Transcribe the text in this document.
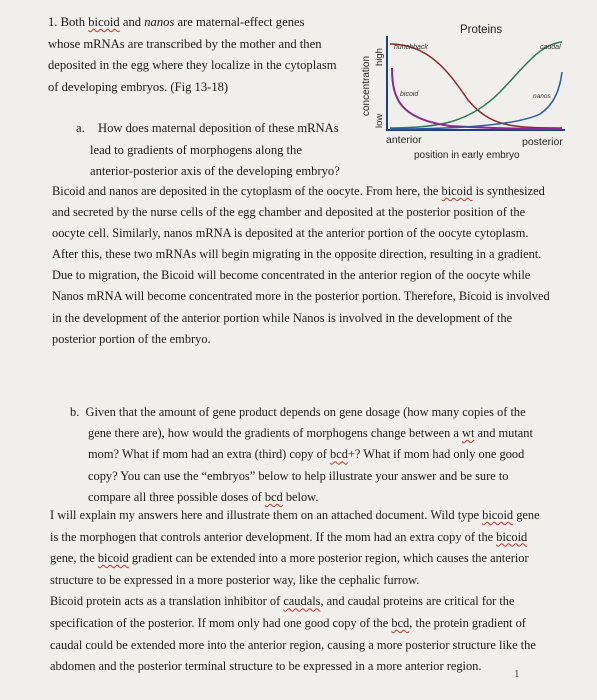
1. Both bicoid and nanos are maternal-effect genes

whose mRNAs are transcribed by the mother and then

deposited in the egg where they localize in the cytoplasm

of developing embryos. (Fig 13-18)

Proteins
high
concentration
low
hunchback	caudal
bicoid	nanos
anterior	posterior
position in early embryo

a. How does maternal deposition of these mRNAs

lead to gradients of morphogens along the

anterior-posterior axis of the developing embryo?

Bicoid and nanos are deposited in the cytoplasm of the oocyte. From here, the bicoid is synthesized

and secreted by the nurse cells of the egg chamber and deposited at the posterior position of the

oocyte cell. Similarly, nanos mRNA is deposited at the anterior portion of the oocyte cytoplasm.

After this, these two mRNAs will begin migrating in the opposite direction, resulting in a gradient.

Due to migration, the Bicoid will become concentrated in the anterior region of the oocyte while

Nanos mRNA will become concentrated more in the posterior portion. Therefore, Bicoid is involved

in the development of the anterior portion while Nanos is involved in the development of the

posterior portion of the embryo.

b. Given that the amount of gene product depends on gene dosage (how many copies of the

gene there are), how would the gradients of morphogens change between a wt and mutant

mom? What if mom had an extra (third) copy of bcd+? What if mom had only one good

copy? You can use the “embryos” below to help illustrate your answer and be sure to

compare all three possible doses of bcd below.

I will explain my answers here and illustrate them on an attached document. Wild type bicoid gene

is the morphogen that controls anterior development. If the mom had an extra copy of the bicoid

gene, the bicoid gradient can be extended into a more posterior region, which causes the anterior

structure to be expressed in a more posterior way, like the cephalic furrow.

Bicoid protein acts as a translation inhibitor of caudals, and caudal proteins are critical for the

specification of the posterior. If mom only had one good copy of the bcd, the protein gradient of

caudal could be extended more into the anterior region, causing a more posterior structure like the

abdomen and the posterior terminal structure to be expressed in a more anterior region.

1
